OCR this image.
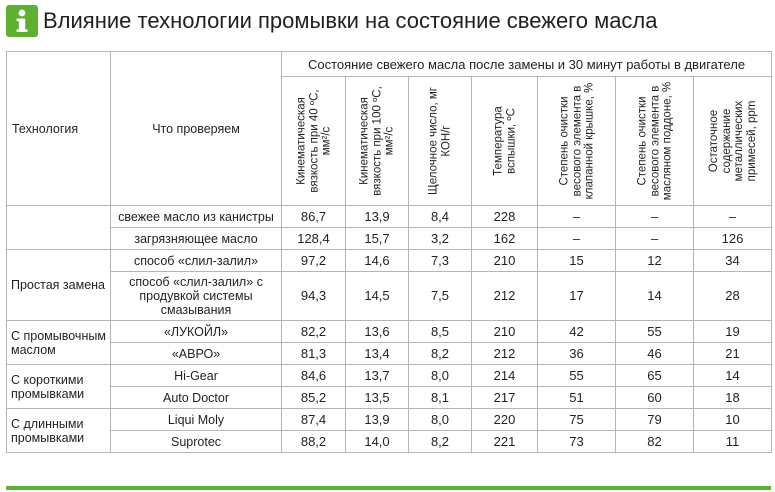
Влияние технологии промывки на состояние свежего масла
Технология	Что проверяем	Состояние свежего масла после замены и 30 минут работы в двигателе						

		Кинематическая вязкость при 40 ºС, мм²/с	Кинематическая вязкость при 100 ºС, мм²/с	Щелочное число, мг КОН/г	Температура вспышки, ºС	Степень очистки весового элемента в клапанной крышке, %	Степень очистки весового элемента в масляном поддоне, %	Остаточное содержание металлических примесей, ppm

	свежее масло из канистры	86,7	13,9	8,4	228	–	–	–
	загрязняющее масло	128,4	15,7	3,2	162	–	–	126
Простая замена	способ «слил-залил»	97,2	14,6	7,3	210	15	12	34
	способ «слил-залил» с продувкой системы смазывания	94,3	14,5	7,5	212	17	14	28
С промывочным маслом	«ЛУКОЙЛ»	82,2	13,6	8,5	210	42	55	19
	«АВРО»	81,3	13,4	8,2	212	36	46	21
С короткими промывками	Hi-Gear	84,6	13,7	8,0	214	55	65	14
	Auto Doctor	85,2	13,5	8,1	217	51	60	18
С длинными промывками	Liqui Moly	87,4	13,9	8,0	220	75	79	10
	Suprotec	88,2	14,0	8,2	221	73	82	11
